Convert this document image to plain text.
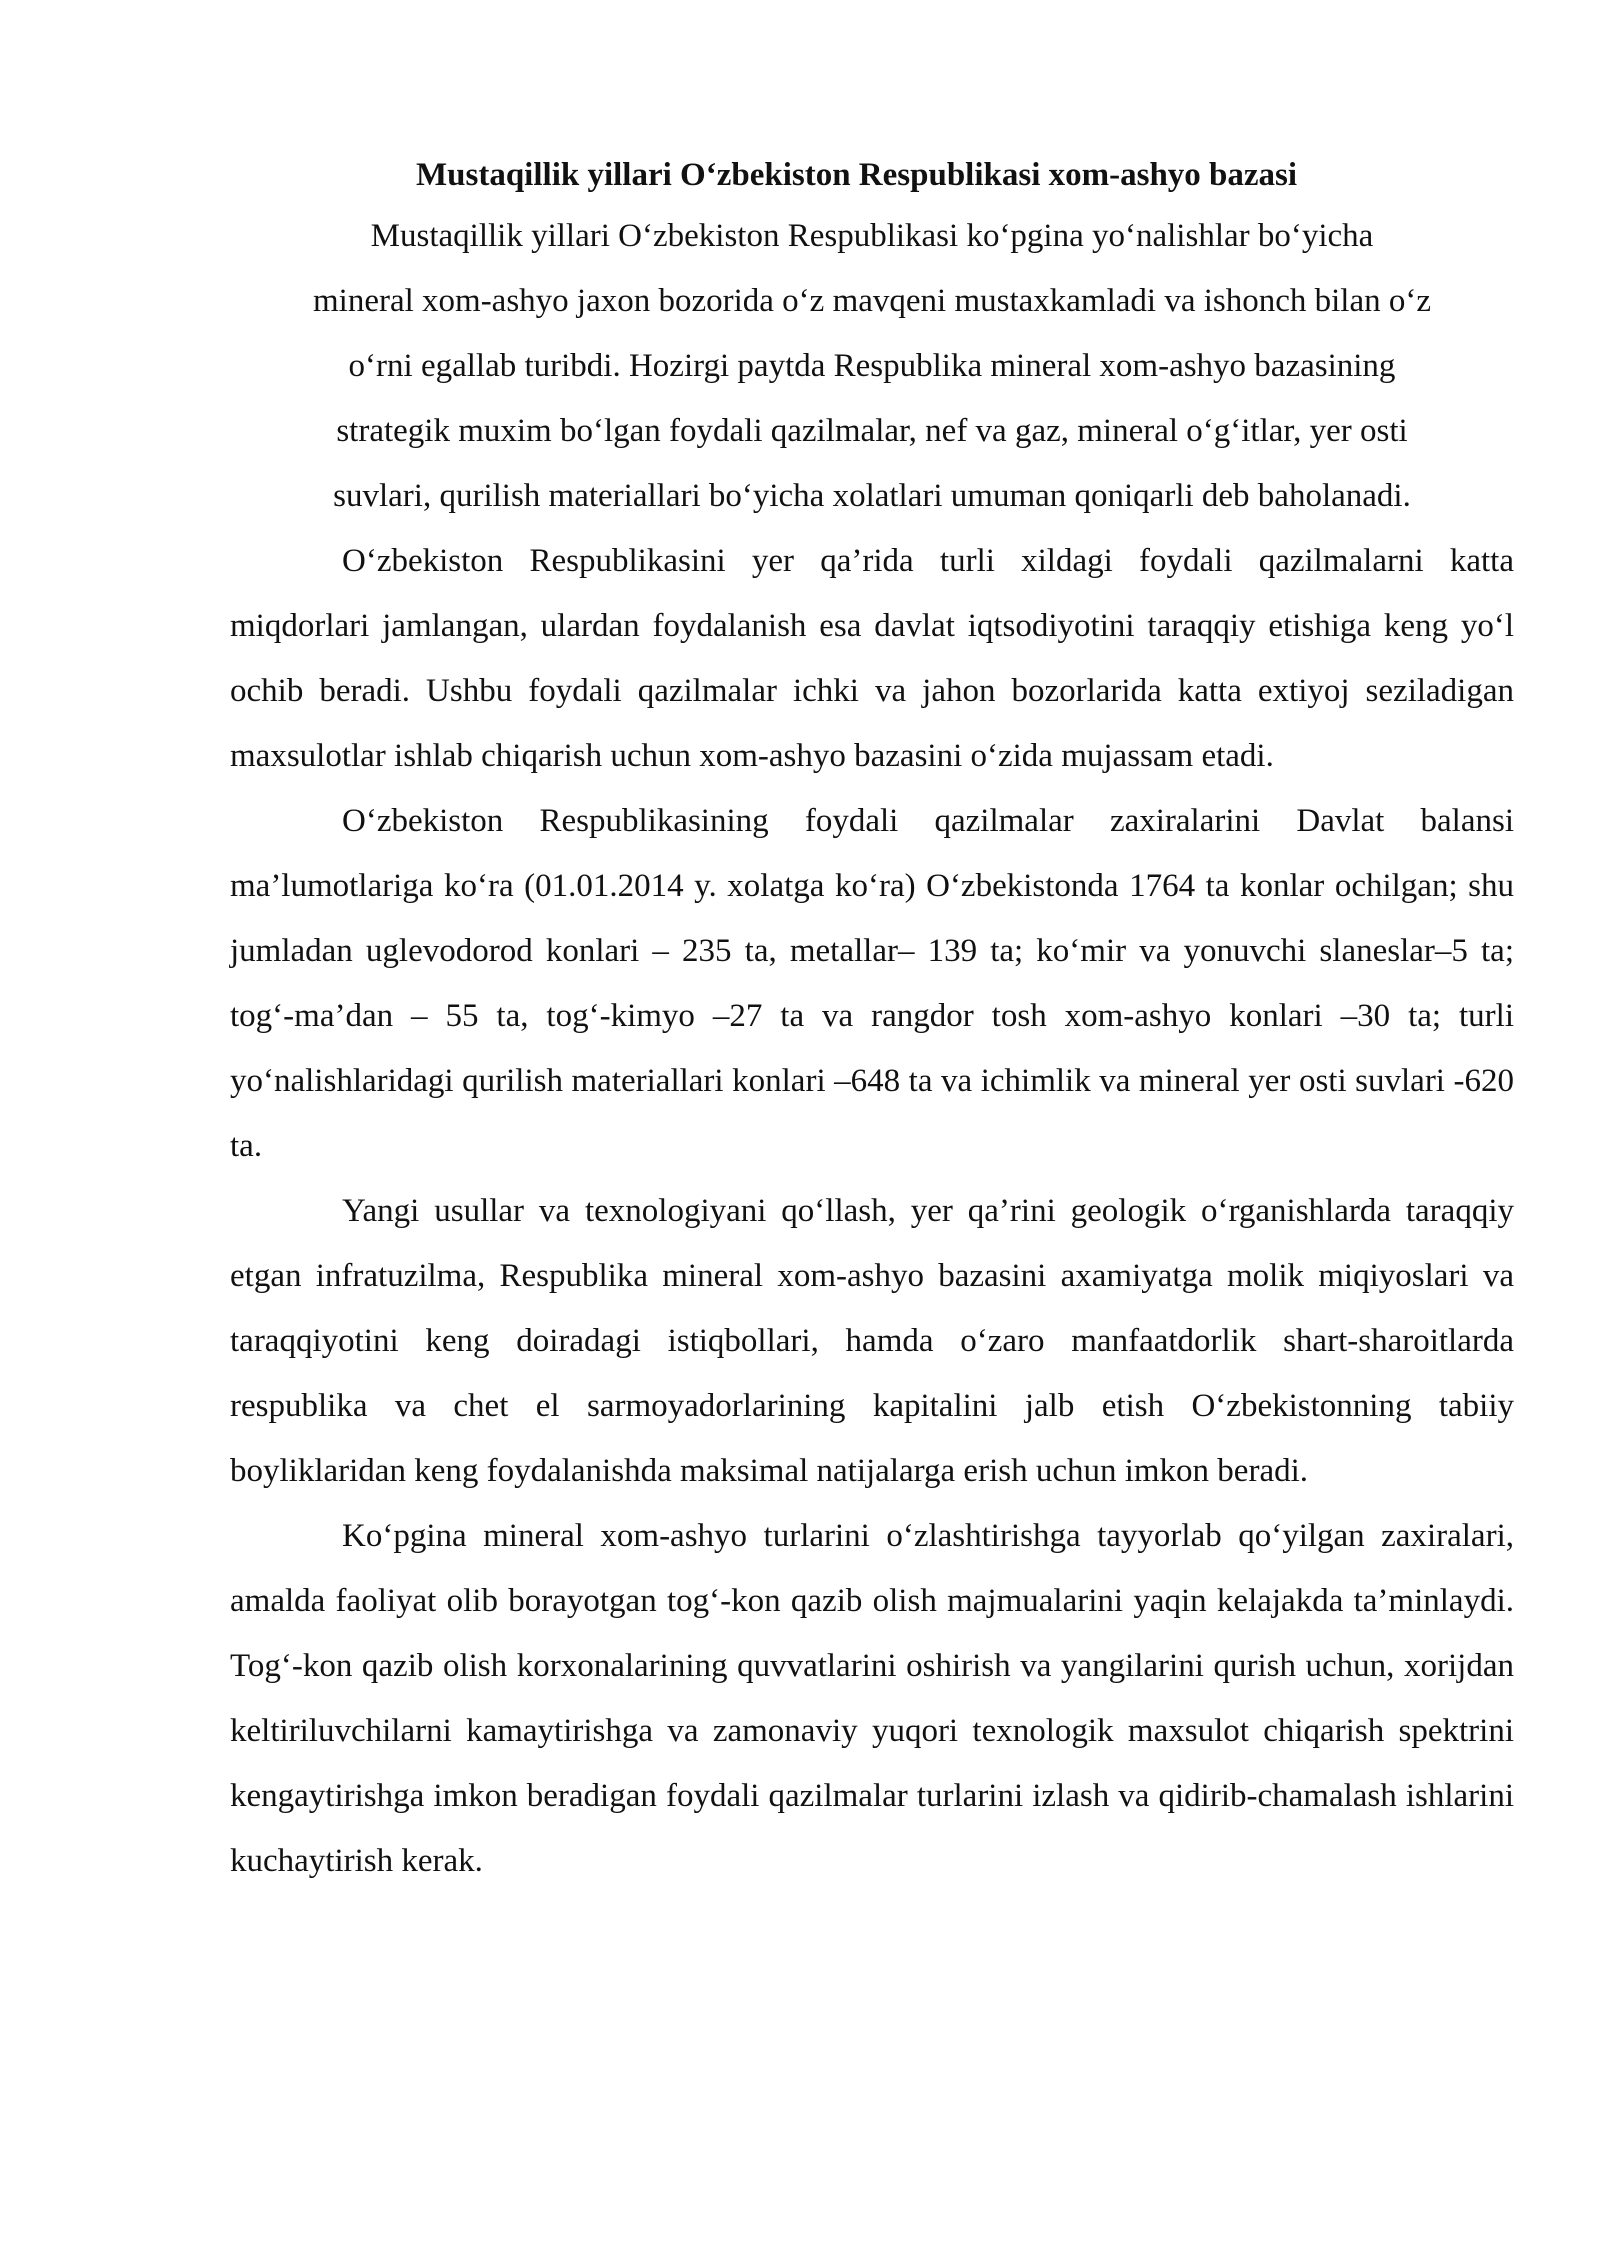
Mustaqillik yillari O‘zbekiston Respublikasi xom-ashyo bazasi

Mustaqillik yillari O‘zbekiston Respublikasi ko‘pgina yo‘nalishlar bo‘yicha
mineral xom-ashyo jaxon bozorida o‘z mavqeni mustaxkamladi va ishonch bilan o‘z
o‘rni egallab turibdi. Hozirgi paytda Respublika mineral xom-ashyo bazasining
strategik muxim bo‘lgan foydali qazilmalar, nef va gaz, mineral o‘g‘itlar, yer osti
suvlari, qurilish materiallari bo‘yicha xolatlari umuman qoniqarli deb baholanadi.

O‘zbekiston Respublikasini yer qa’rida turli xildagi foydali qazilmalarni katta miqdorlari jamlangan, ulardan foydalanish esa davlat iqtsodiyotini taraqqiy etishiga keng yo‘l ochib beradi. Ushbu foydali qazilmalar ichki va jahon bozorlarida katta extiyoj seziladigan maxsulotlar ishlab chiqarish uchun xom-ashyo bazasini o‘zida mujassam etadi.

O‘zbekiston Respublikasining foydali qazilmalar zaxiralarini Davlat balansi ma’lumotlariga ko‘ra (01.01.2014 y. xolatga ko‘ra) O‘zbekistonda 1764 ta konlar ochilgan; shu jumladan uglevodorod konlari – 235 ta, metallar– 139 ta; ko‘mir va yonuvchi slaneslar–5 ta; tog‘-ma’dan – 55 ta, tog‘-kimyo –27 ta va rangdor tosh xom-ashyo konlari –30 ta; turli yo‘nalishlaridagi qurilish materiallari konlari –648 ta va ichimlik va mineral yer osti suvlari -620 ta.

Yangi usullar va texnologiyani qo‘llash, yer qa’rini geologik o‘rganishlarda taraqqiy etgan infratuzilma, Respublika mineral xom-ashyo bazasini axamiyatga molik miqiyoslari va taraqqiyotini keng doiradagi istiqbollari, hamda o‘zaro manfaatdorlik shart-sharoitlarda respublika va chet el sarmoyadorlarining kapitalini jalb etish O‘zbekistonning tabiiy boyliklaridan keng foydalanishda maksimal natijalarga erish uchun imkon beradi.

Ko‘pgina mineral xom-ashyo turlarini o‘zlashtirishga tayyorlab qo‘yilgan zaxiralari, amalda faoliyat olib borayotgan tog‘-kon qazib olish majmualarini yaqin kelajakda ta’minlaydi. Tog‘-kon qazib olish korxonalarining quvvatlarini oshirish va yangilarini qurish uchun, xorijdan keltiriluvchilarni kamaytirishga va zamonaviy yuqori texnologik maxsulot chiqarish spektrini kengaytirishga imkon beradigan foydali qazilmalar turlarini izlash va qidirib-chamalash ishlarini kuchaytirish kerak.
